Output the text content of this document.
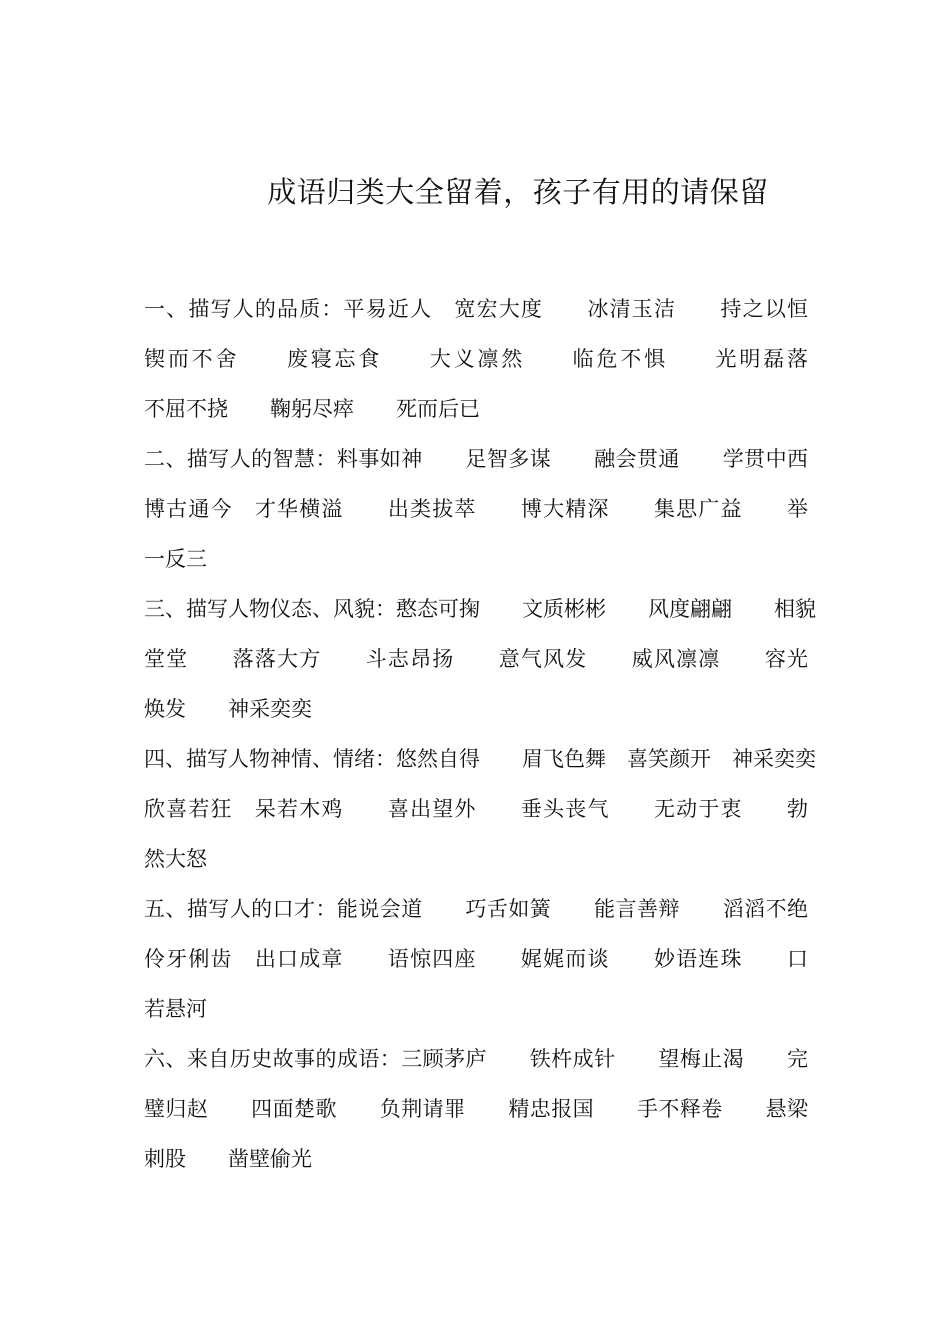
成语归类大全留着，孩子有用的请保留
一、描写人的品质：平易近人　宽宏大度　　冰清玉洁　　持之以恒
锲而不舍　　废寝忘食　　大义凛然　　临危不惧　　光明磊落
不屈不挠　　鞠躬尽瘁　　死而后已
二、描写人的智慧：料事如神　　足智多谋　　融会贯通　　学贯中西
博古通今　才华横溢　　出类拔萃　　博大精深　　集思广益　　举
一反三
三、描写人物仪态、风貌：憨态可掬　　文质彬彬　　风度翩翩　　相貌
堂堂　　落落大方　　斗志昂扬　　意气风发　　威风凛凛　　容光
焕发　　神采奕奕
四、描写人物神情、情绪：悠然自得　　眉飞色舞　喜笑颜开　神采奕奕
欣喜若狂　呆若木鸡　　喜出望外　　垂头丧气　　无动于衷　　勃
然大怒
五、描写人的口才：能说会道　　巧舌如簧　　能言善辩　　滔滔不绝
伶牙俐齿　出口成章　　语惊四座　　娓娓而谈　　妙语连珠　　口
若悬河
六、来自历史故事的成语：三顾茅庐　　铁杵成针　　望梅止渴　　完
璧归赵　　四面楚歌　　负荆请罪　　精忠报国　　手不释卷　　悬梁
刺股　　凿壁偷光
